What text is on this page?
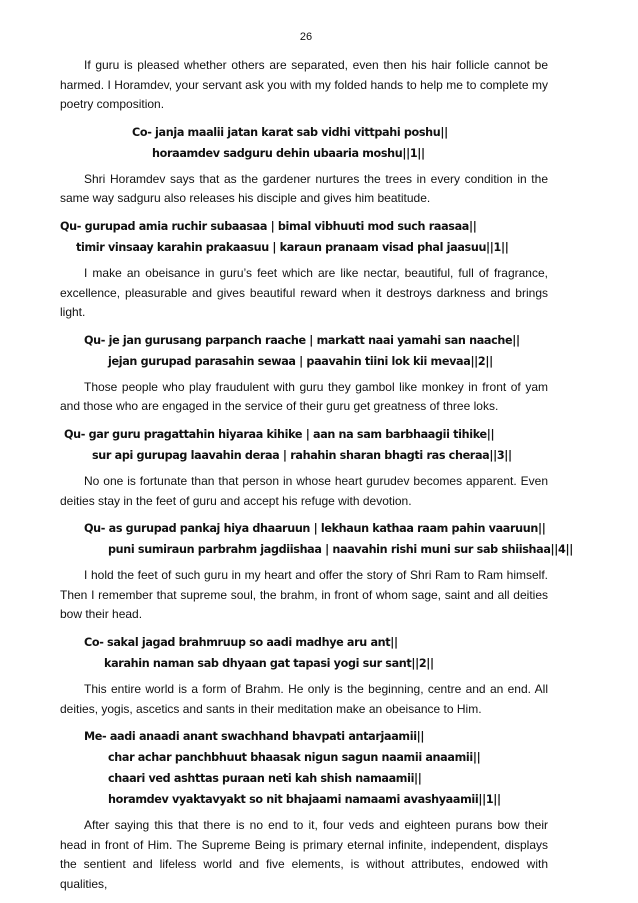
26

If guru is pleased whether others are separated, even then his hair follicle cannot be harmed. I Horamdev, your servant ask you with my folded hands to help me to complete my poetry composition.

Co- janja maalii jatan karat sab vidhi vittpahi poshu||
horaamdev sadguru dehin ubaaria moshu||1||

Shri Horamdev says that as the gardener nurtures the trees in every condition in the same way sadguru also releases his disciple and gives him beatitude.

Qu- gurupad amia ruchir subaasaa | bimal vibhuuti mod such raasaa||
timir vinsaay karahin prakaasuu | karaun pranaam visad phal jaasuu||1||

I make an obeisance in guru’s feet which are like nectar, beautiful, full of fragrance, excellence, pleasurable and gives beautiful reward when it destroys darkness and brings light.

Qu- je jan gurusang parpanch raache | markatt naai yamahi san naache||
jejan gurupad parasahin sewaa | paavahin tiini lok kii mevaa||2||

Those people who play fraudulent with guru they gambol like monkey in front of yam and those who are engaged in the service of their guru get greatness of three loks.

Qu- gar guru pragattahin hiyaraa kihike | aan na sam barbhaagii tihike||
sur api gurupag laavahin deraa | rahahin sharan bhagti ras cheraa||3||

No one is fortunate than that person in whose heart gurudev becomes apparent. Even deities stay in the feet of guru and accept his refuge with devotion.

Qu- as gurupad pankaj hiya dhaaruun | lekhaun kathaa raam pahin vaaruun||
puni sumiraun parbrahm jagdiishaa | naavahin rishi muni sur sab shiishaa||4||

I hold the feet of such guru in my heart and offer the story of Shri Ram to Ram himself. Then I remember that supreme soul, the brahm, in front of whom sage, saint and all deities bow their head.

Co- sakal jagad brahmruup so aadi madhye aru ant||
karahin naman sab dhyaan gat tapasi yogi sur sant||2||

This entire world is a form of Brahm. He only is the beginning, centre and an end. All deities, yogis, ascetics and sants in their meditation make an obeisance to Him.

Me- aadi anaadi anant swachhand bhavpati antarjaamii||
char achar panchbhuut bhaasak nigun sagun naamii anaamii||
chaari ved ashttas puraan neti kah shish namaamii||
horamdev vyaktavyakt so nit bhajaami namaami avashyaamii||1||

After saying this that there is no end to it, four veds and eighteen purans bow their head in front of Him. The Supreme Being is primary eternal infinite, independent, displays the sentient and lifeless world and five elements, is without attributes, endowed with qualities,
